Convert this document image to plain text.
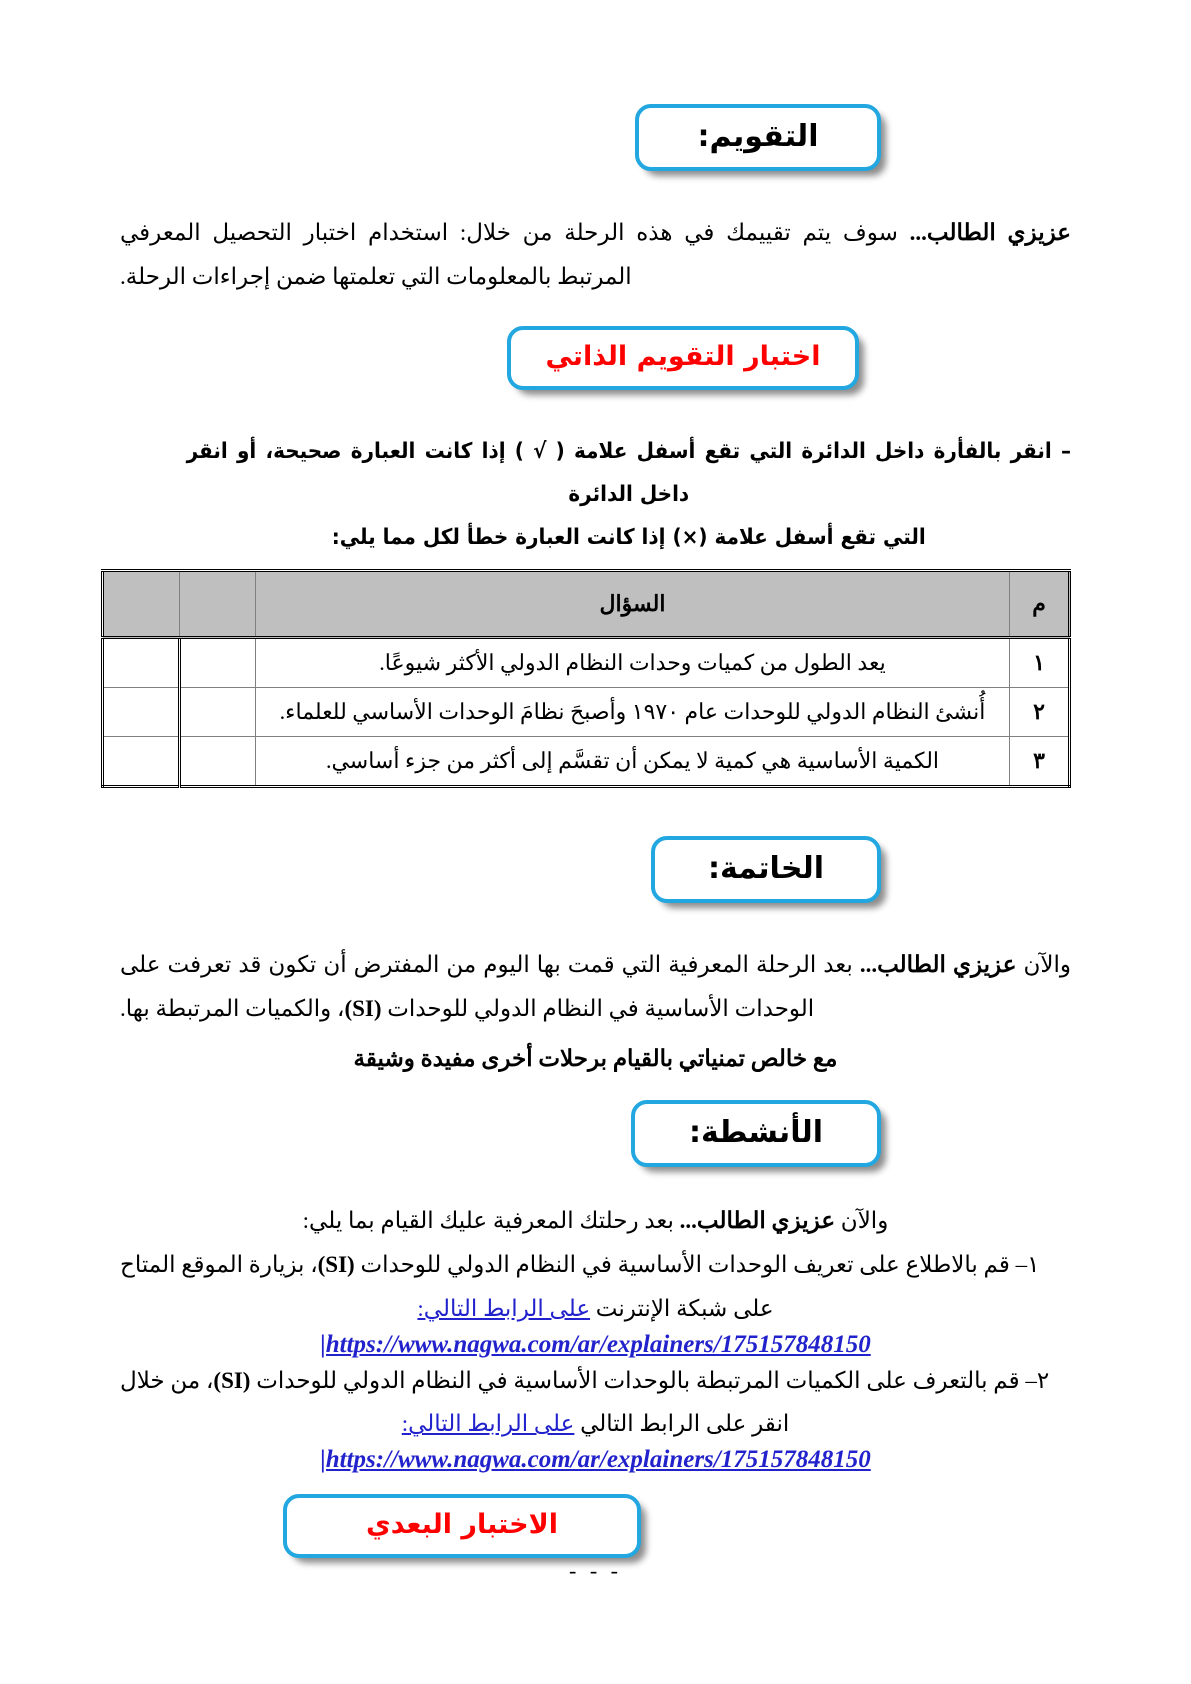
التقويم:

عزيزي الطالب... سوف يتم تقييمك في هذه الرحلة من خلال: استخدام اختبار التحصيل المعرفي المرتبط بالمعلومات التي تعلمتها ضمن إجراءات الرحلة.

اختبار التقويم الذاتي

– انقر بالفأرة داخل الدائرة التي تقع أسفل علامة ( √ ) إذا كانت العبارة صحيحة، أو انقر داخل الدائرة

التي تقع أسفل علامة (×) إذا كانت العبارة خطأ لكل مما يلي:

م	السؤال		

١	يعد الطول من كميات وحدات النظام الدولي الأكثر شيوعًا.		
٢	أُنشئ النظام الدولي للوحدات عام ١٩٧٠ وأصبحَ نظامَ الوحدات الأساسي للعلماء.		
٣	الكمية الأساسية هي كمية لا يمكن أن تقسَّم إلى أكثر من جزء أساسي.		
الخاتمة:

والآن عزيزي الطالب... بعد الرحلة المعرفية التي قمت بها اليوم من المفترض أن تكون قد تعرفت على الوحدات الأساسية في النظام الدولي للوحدات (SI)، والكميات المرتبطة بها.

مع خالص تمنياتي بالقيام برحلات أخرى مفيدة وشيقة

الأنشطة:

والآن عزيزي الطالب... بعد رحلتك المعرفية عليك القيام بما يلي:

١– قم بالاطلاع على تعريف الوحدات الأساسية في النظام الدولي للوحدات (SI)، بزيارة الموقع المتاح

على شبكة الإنترنت على الرابط التالي:

|https://www.nagwa.com/ar/explainers/175157848150

٢– قم بالتعرف على الكميات المرتبطة بالوحدات الأساسية في النظام الدولي للوحدات (SI)، من خلال

انقر على الرابط التالي على الرابط التالي:

|https://www.nagwa.com/ar/explainers/175157848150

الاختبار البعدي

- - -
